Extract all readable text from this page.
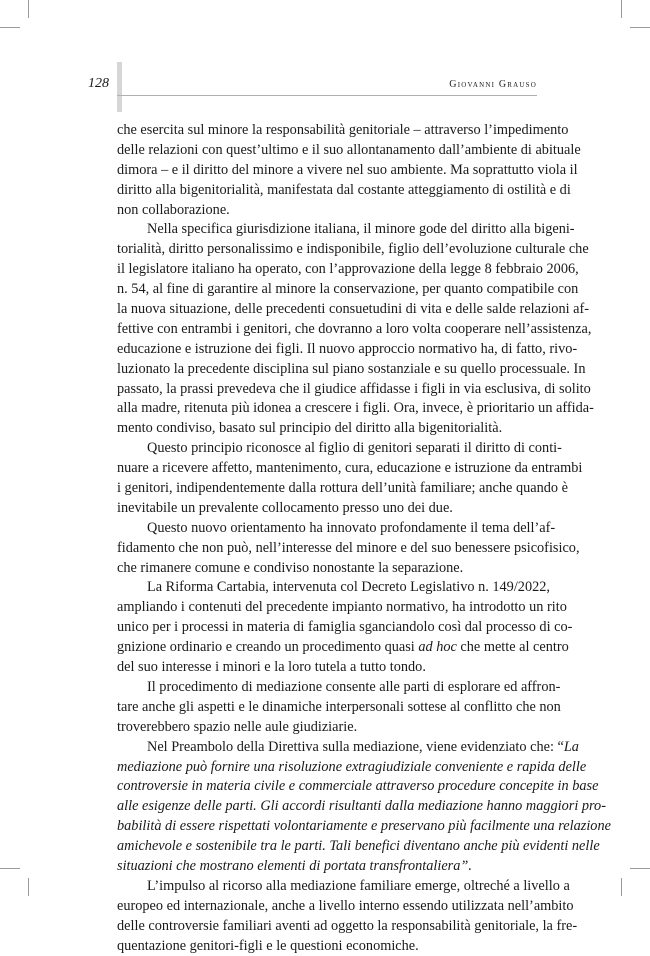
128	Giovanni Grauso
che esercita sul minore la responsabilità genitoriale – attraverso l’impedimento
delle relazioni con quest’ultimo e il suo allontanamento dall’ambiente di abituale
dimora – e il diritto del minore a vivere nel suo ambiente. Ma soprattutto viola il
diritto alla bigenitorialità, manifestata dal costante atteggiamento di ostilità e di
non collaborazione.
Nella specifica giurisdizione italiana, il minore gode del diritto alla bigeni-
torialità, diritto personalissimo e indisponibile, figlio dell’evoluzione culturale che
il legislatore italiano ha operato, con l’approvazione della legge 8 febbraio 2006,
n. 54, al fine di garantire al minore la conservazione, per quanto compatibile con
la nuova situazione, delle precedenti consuetudini di vita e delle salde relazioni af-
fettive con entrambi i genitori, che dovranno a loro volta cooperare nell’assistenza,
educazione e istruzione dei figli. Il nuovo approccio normativo ha, di fatto, rivo-
luzionato la precedente disciplina sul piano sostanziale e su quello processuale. In
passato, la prassi prevedeva che il giudice affidasse i figli in via esclusiva, di solito
alla madre, ritenuta più idonea a crescere i figli. Ora, invece, è prioritario un affida-
mento condiviso, basato sul principio del diritto alla bigenitorialità.
Questo principio riconosce al figlio di genitori separati il diritto di conti-
nuare a ricevere affetto, mantenimento, cura, educazione e istruzione da entrambi
i genitori, indipendentemente dalla rottura dell’unità familiare; anche quando è
inevitabile un prevalente collocamento presso uno dei due.
Questo nuovo orientamento ha innovato profondamente il tema dell’af-
fidamento che non può, nell’interesse del minore e del suo benessere psicofisico,
che rimanere comune e condiviso nonostante la separazione.
La Riforma Cartabia, intervenuta col Decreto Legislativo n. 149/2022,
ampliando i contenuti del precedente impianto normativo, ha introdotto un rito
unico per i processi in materia di famiglia sganciandolo così dal processo di co-
gnizione ordinario e creando un procedimento quasi ad hoc che mette al centro
del suo interesse i minori e la loro tutela a tutto tondo.
Il procedimento di mediazione consente alle parti di esplorare ed affron-
tare anche gli aspetti e le dinamiche interpersonali sottese al conflitto che non
troverebbero spazio nelle aule giudiziarie.
Nel Preambolo della Direttiva sulla mediazione, viene evidenziato che: “La
mediazione può fornire una risoluzione extragiudiziale conveniente e rapida delle
controversie in materia civile e commerciale attraverso procedure concepite in base
alle esigenze delle parti. Gli accordi risultanti dalla mediazione hanno maggiori pro-
babilità di essere rispettati volontariamente e preservano più facilmente una relazione
amichevole e sostenibile tra le parti. Tali benefici diventano anche più evidenti nelle
situazioni che mostrano elementi di portata transfrontaliera”.
L’impulso al ricorso alla mediazione familiare emerge, oltreché a livello a
europeo ed internazionale, anche a livello interno essendo utilizzata nell’ambito
delle controversie familiari aventi ad oggetto la responsabilità genitoriale, la fre-
quentazione genitori-figli e le questioni economiche.
